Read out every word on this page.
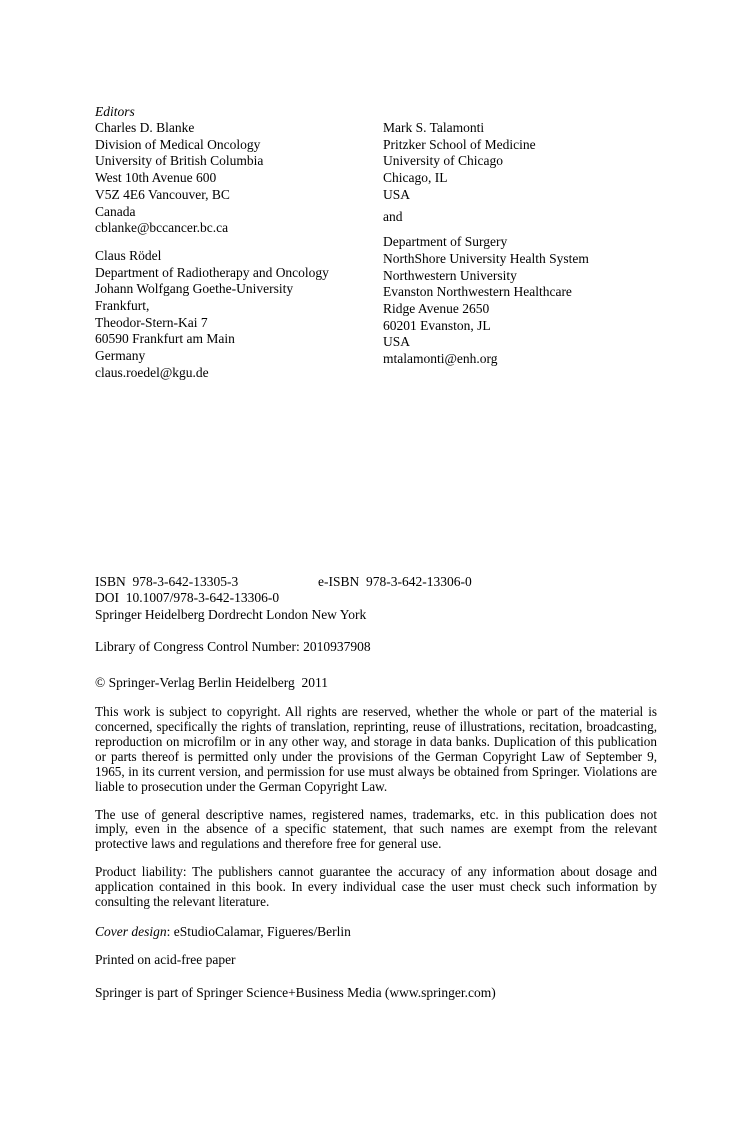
Editors
Charles D. Blanke
Division of Medical Oncology
University of British Columbia
West 10th Avenue 600
V5Z 4E6 Vancouver, BC
Canada
cblanke@bccancer.bc.ca
Claus Rödel
Department of Radiotherapy and Oncology
Johann Wolfgang Goethe-University
Frankfurt,
Theodor-Stern-Kai 7
60590 Frankfurt am Main
Germany
claus.roedel@kgu.de
Mark S. Talamonti
Pritzker School of Medicine
University of Chicago
Chicago, IL
USA
and
Department of Surgery
NorthShore University Health System
Northwestern University
Evanston Northwestern Healthcare
Ridge Avenue 2650
60201 Evanston, JL
USA
mtalamonti@enh.org
ISBN  978-3-642-13305-3	e-ISBN  978-3-642-13306-0
DOI  10.1007/978-3-642-13306-0
Springer Heidelberg Dordrecht London New York
Library of Congress Control Number: 2010937908
© Springer-Verlag Berlin Heidelberg  2011

This work is subject to copyright. All rights are reserved, whether the whole or part of the material is concerned, specifically the rights of translation, reprinting, reuse of illustrations, recitation, broadcasting, reproduction on microfilm or in any other way, and storage in data banks. Duplication of this publication or parts thereof is permitted only under the provisions of the German Copyright Law of September 9, 1965, in its current version, and permission for use must always be obtained from Springer. Violations are liable to prosecution under the German Copyright Law.

The use of general descriptive names, registered names, trademarks, etc. in this publication does not imply, even in the absence of a specific statement, that such names are exempt from the relevant protective laws and regulations and therefore free for general use.

Product liability: The publishers cannot guarantee the accuracy of any information about dosage and application contained in this book. In every individual case the user must check such information by consulting the relevant literature.

Cover design: eStudioCalamar, Figueres/Berlin
Printed on acid-free paper
Springer is part of Springer Science+Business Media (www.springer.com)
